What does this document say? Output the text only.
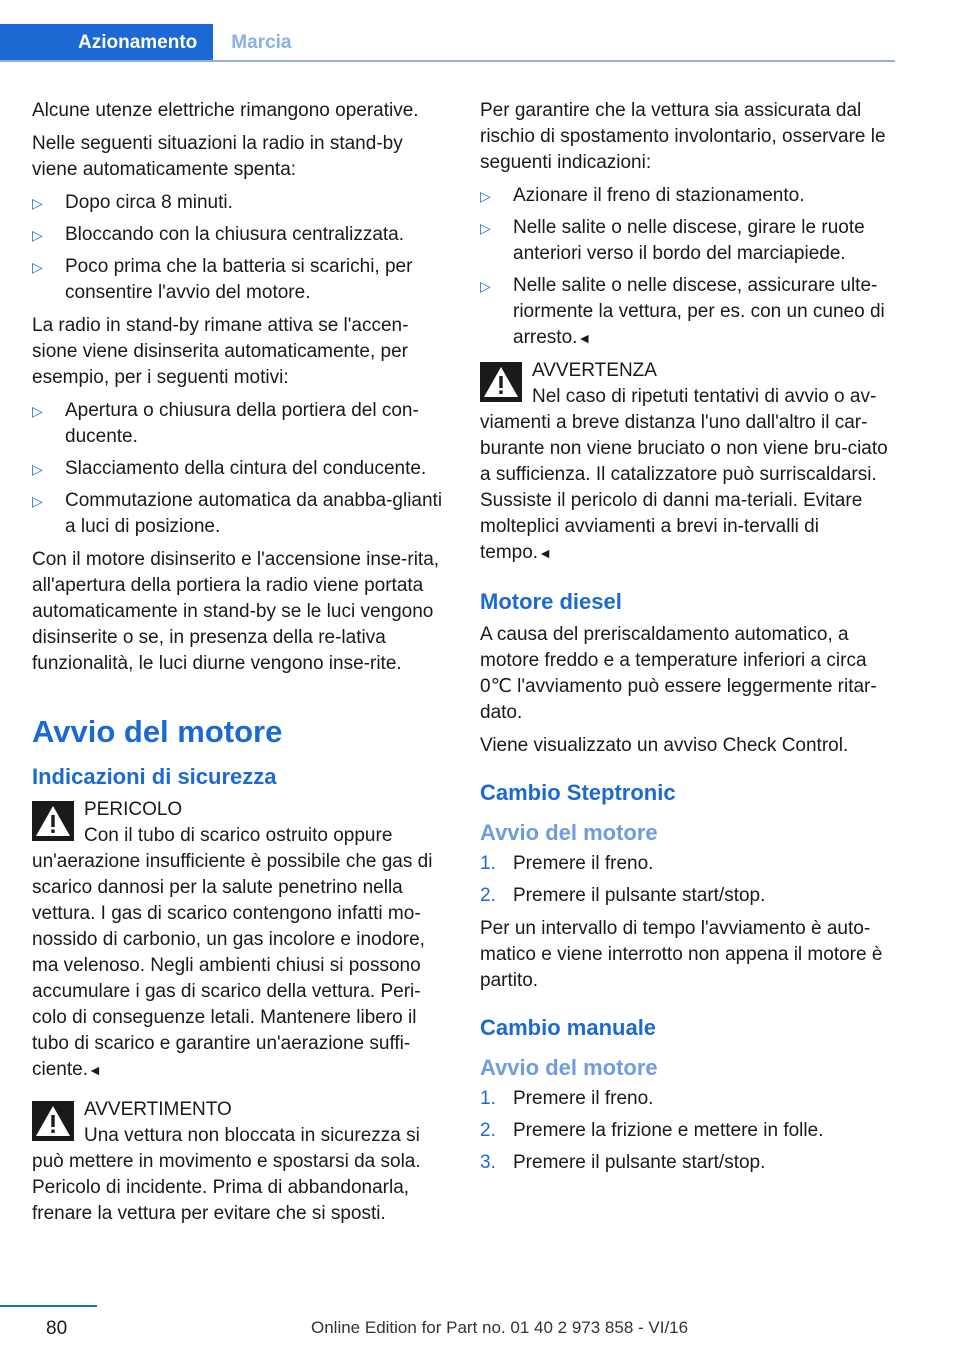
Azionamento	Marcia

Alcune utenze elettriche rimangono operative.

Nelle seguenti situazioni la radio in stand-by viene automaticamente spenta:

▷ Dopo circa 8 minuti.
▷ Bloccando con la chiusura centralizzata.
▷ Poco prima che la batteria si scarichi, per consentire l'avvio del motore.

La radio in stand-by rimane attiva se l'accen-sione viene disinserita automaticamente, per esempio, per i seguenti motivi:

▷ Apertura o chiusura della portiera del con-ducente.
▷ Slacciamento della cintura del conducente.
▷ Commutazione automatica da anabba-glianti a luci di posizione.

Con il motore disinserito e l'accensione inse-rita, all'apertura della portiera la radio viene portata automaticamente in stand-by se le luci vengono disinserite o se, in presenza della re-lativa funzionalità, le luci diurne vengono inse-rite.

Avvio del motore
Indicazioni di sicurezza
PERICOLO
Con il tubo di scarico ostruito oppure un'aerazione insufficiente è possibile che gas di scarico dannosi per la salute penetrino nella vettura. I gas di scarico contengono infatti mo-nossido di carbonio, un gas incolore e inodore, ma velenoso. Negli ambienti chiusi si possono accumulare i gas di scarico della vettura. Peri-colo di conseguenze letali. Mantenere libero il tubo di scarico e garantire un'aerazione suffi-ciente.◄
AVVERTIMENTO
Una vettura non bloccata in sicurezza si può mettere in movimento e spostarsi da sola. Pericolo di incidente. Prima di abbandonarla, frenare la vettura per evitare che si sposti.

Per garantire che la vettura sia assicurata dal rischio di spostamento involontario, osservare le seguenti indicazioni:

▷ Azionare il freno di stazionamento.
▷ Nelle salite o nelle discese, girare le ruote anteriori verso il bordo del marciapiede.
▷ Nelle salite o nelle discese, assicurare ulte-riormente la vettura, per es. con un cuneo di arresto.◄
AVVERTENZA
Nel caso di ripetuti tentativi di avvio o av-viamenti a breve distanza l'uno dall'altro il car-burante non viene bruciato o non viene bru-ciato a sufficienza. Il catalizzatore può surriscaldarsi. Sussiste il pericolo di danni ma-teriali. Evitare molteplici avviamenti a brevi in-tervalli di tempo.◄
Motore diesel

A causa del preriscaldamento automatico, a motore freddo e a temperature inferiori a circa 0℃ l'avviamento può essere leggermente ritar-dato.

Viene visualizzato un avviso Check Control.

Cambio Steptronic
Avvio del motore
1. Premere il freno.
2. Premere il pulsante start/stop.

Per un intervallo di tempo l'avviamento è auto-matico e viene interrotto non appena il motore è partito.

Cambio manuale
Avvio del motore
1. Premere il freno.
2. Premere la frizione e mettere in folle.
3. Premere il pulsante start/stop.
80	Online Edition for Part no. 01 40 2 973 858 - VI/16
